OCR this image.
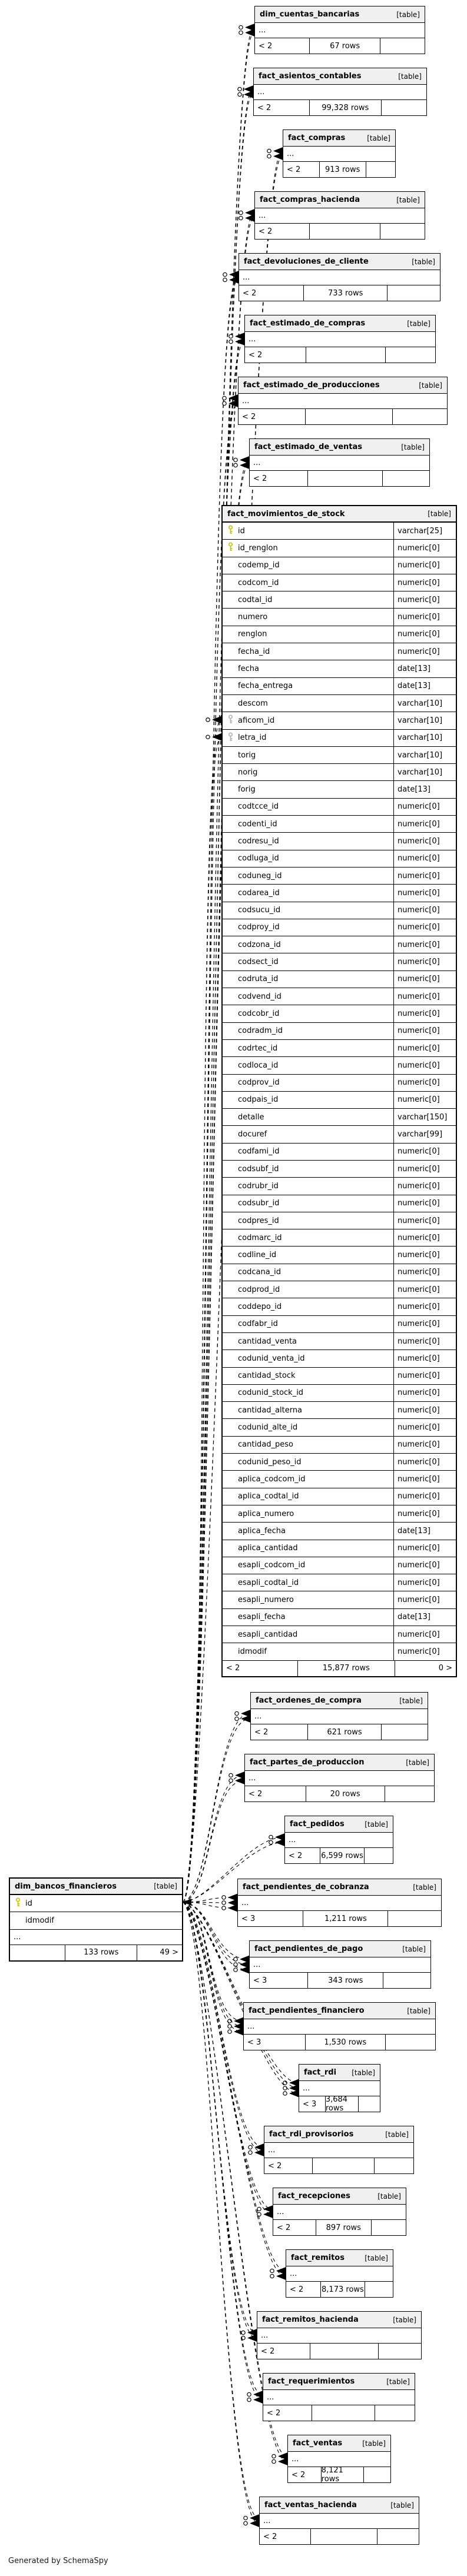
dim_cuentas_bancarias	[table]
...
< 2	67 rows
fact_asientos_contables	[table]
...
< 2	99,328 rows
fact_compras	[table]
...
< 2	913 rows
fact_compras_hacienda	[table]
...
< 2
fact_devoluciones_de_cliente	[table]
...
< 2	733 rows
fact_estimado_de_compras	[table]
...
< 2
fact_estimado_de_producciones	[table]
...
< 2
fact_estimado_de_ventas	[table]
...
< 2
fact_movimientos_de_stock	[table]
id	varchar[25]
id_renglon	numeric[0]
codemp_id	numeric[0]
codcom_id	numeric[0]
codtal_id	numeric[0]
numero	numeric[0]
renglon	numeric[0]
fecha_id	numeric[0]
fecha	date[13]
fecha_entrega	date[13]
descom	varchar[10]
aficom_id	varchar[10]
letra_id	varchar[10]
torig	varchar[10]
norig	varchar[10]
forig	date[13]
codtcce_id	numeric[0]
codenti_id	numeric[0]
codresu_id	numeric[0]
codluga_id	numeric[0]
coduneg_id	numeric[0]
codarea_id	numeric[0]
codsucu_id	numeric[0]
codproy_id	numeric[0]
codzona_id	numeric[0]
codsect_id	numeric[0]
codruta_id	numeric[0]
codvend_id	numeric[0]
codcobr_id	numeric[0]
codradm_id	numeric[0]
codrtec_id	numeric[0]
codloca_id	numeric[0]
codprov_id	numeric[0]
codpais_id	numeric[0]
detalle	varchar[150]
docuref	varchar[99]
codfami_id	numeric[0]
codsubf_id	numeric[0]
codrubr_id	numeric[0]
codsubr_id	numeric[0]
codpres_id	numeric[0]
codmarc_id	numeric[0]
codline_id	numeric[0]
codcana_id	numeric[0]
codprod_id	numeric[0]
coddepo_id	numeric[0]
codfabr_id	numeric[0]
cantidad_venta	numeric[0]
codunid_venta_id	numeric[0]
cantidad_stock	numeric[0]
codunid_stock_id	numeric[0]
cantidad_alterna	numeric[0]
codunid_alte_id	numeric[0]
cantidad_peso	numeric[0]
codunid_peso_id	numeric[0]
aplica_codcom_id	numeric[0]
aplica_codtal_id	numeric[0]
aplica_numero	numeric[0]
aplica_fecha	date[13]
aplica_cantidad	numeric[0]
esapli_codcom_id	numeric[0]
esapli_codtal_id	numeric[0]
esapli_numero	numeric[0]
esapli_fecha	date[13]
esapli_cantidad	numeric[0]
idmodif	numeric[0]
< 2	15,877 rows	0 >
fact_ordenes_de_compra	[table]
...
< 2	621 rows
fact_partes_de_produccion	[table]
...
< 2	20 rows
fact_pedidos	[table]
...
< 2	6,599 rows
fact_pendientes_de_cobranza	[table]
...
< 3	1,211 rows
fact_pendientes_de_pago	[table]
...
< 3	343 rows
fact_pendientes_financiero	[table]
...
< 3	1,530 rows
fact_rdi [table]
...
< 3	3,684 rows
fact_rdi_provisorios	[table]
...
< 2
fact_recepciones	[table]
...
< 2	897 rows
fact_remitos	[table]
...
< 2	8,173 rows
fact_remitos_hacienda	[table]
...
< 2
fact_requerimientos	[table]
...
< 2
fact_ventas	[table]
...
< 2	8,121 rows
fact_ventas_hacienda	[table]
...
< 2
dim_bancos_financieros	[table]
id
idmodif
...
133 rows	49 >
Generated by SchemaSpy
